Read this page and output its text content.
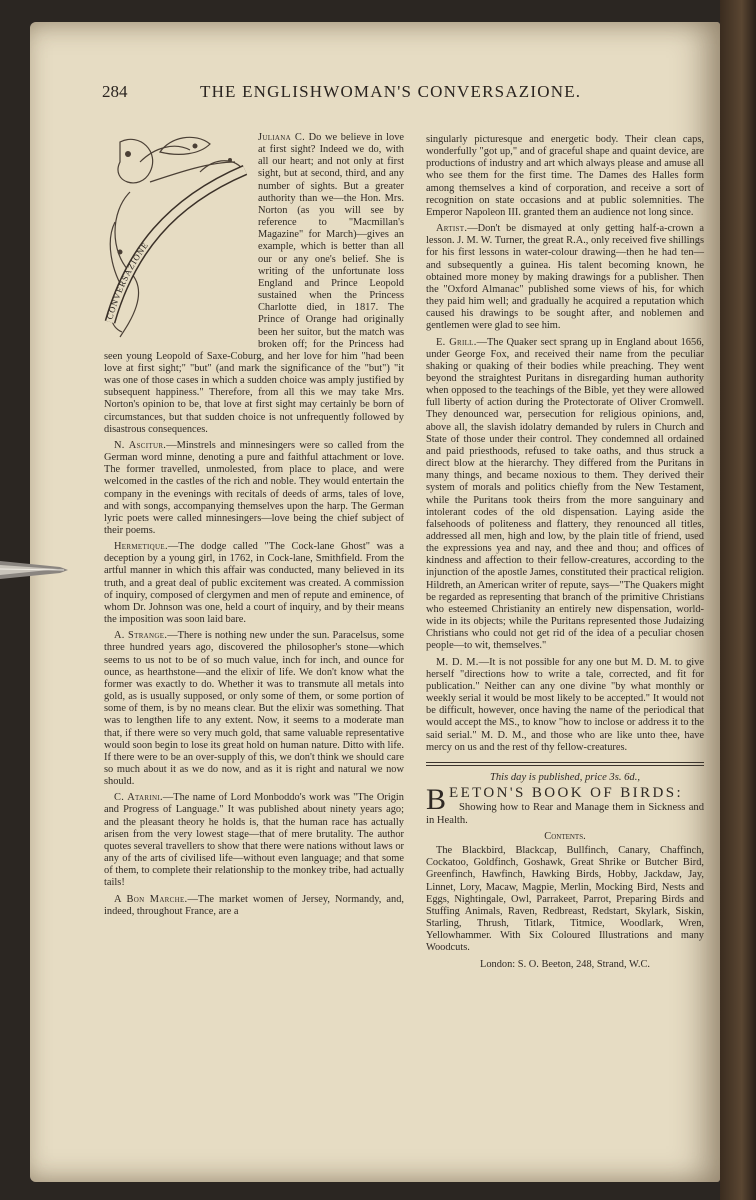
284	THE ENGLISHWOMAN'S CONVERSAZIONE.
CONVERSAZIONE

Juliana C. Do we believe in love at first sight? Indeed we do, with all our heart; and not only at first sight, but at second, third, and any number of sights. But a greater authority than we—the Hon. Mrs. Norton (as you will see by reference to "Macmillan's Magazine" for March)—gives an example, which is better than all our or any one's belief. She is writing of the unfortunate loss England and Prince Leopold sustained when the Princess Charlotte died, in 1817. The Prince of Orange had originally been her suitor, but the match was broken off; for the Princess had seen young Leopold of Saxe-Coburg, and her love for him "had been love at first sight;" "but" (and mark the significance of the "but") "it was one of those cases in which a sudden choice was amply justified by subsequent happiness." Therefore, from all this we may take Mrs. Norton's opinion to be, that love at first sight may certainly be born of circumstances, but that sudden choice is not unfrequently followed by disastrous consequences.

N. Ascitur.—Minstrels and minnesingers were so called from the German word minne, denoting a pure and faithful attachment or love. The former travelled, unmolested, from place to place, and were welcomed in the castles of the rich and noble. They would entertain the company in the evenings with recitals of deeds of arms, tales of love, and with songs, accompanying themselves upon the harp. The German lyric poets were called minnesingers—love being the chief subject of their poems.

Hermetique.—The dodge called "The Cock-lane Ghost" was a deception by a young girl, in 1762, in Cock-lane, Smithfield. From the artful manner in which this affair was conducted, many believed in its truth, and a great deal of public excitement was created. A commission of inquiry, composed of clergymen and men of repute and eminence, of whom Dr. Johnson was one, held a court of inquiry, and by their means the imposition was soon laid bare.

A. Strange.—There is nothing new under the sun. Paracelsus, some three hundred years ago, discovered the philosopher's stone—which seems to us not to be of so much value, inch for inch, and ounce for ounce, as hearthstone—and the elixir of life. We don't know what the former was exactly to do. Whether it was to transmute all metals into gold, as is usually supposed, or only some of them, or some portion of some of them, is by no means clear. But the elixir was something. That was to lengthen life to any extent. Now, it seems to a moderate man that, if there were so very much gold, that same valuable representative would soon begin to lose its great hold on human nature. Ditto with life. If there were to be an over-supply of this, we don't think we should care so much about it as we do now, and as it is right and natural we now should.

C. Atarini.—The name of Lord Monboddo's work was "The Origin and Progress of Language." It was published about ninety years ago; and the pleasant theory he holds is, that the human race has actually arisen from the very lowest stage—that of mere brutality. The author quotes several travellers to show that there were nations without laws or any of the arts of civilised life—without even language; and that some of them, to complete their relationship to the monkey tribe, had actually tails!

A Bon Marche.—The market women of Jersey, Normandy, and, indeed, throughout France, are a

singularly picturesque and energetic body. Their clean caps, wonderfully "got up," and of graceful shape and quaint device, are productions of industry and art which always please and amuse all who see them for the first time. The Dames des Halles form among themselves a kind of corporation, and receive a sort of recognition on state occasions and at public solemnities. The Emperor Napoleon III. granted them an audience not long since.

Artist.—Don't be dismayed at only getting half-a-crown a lesson. J. M. W. Turner, the great R.A., only received five shillings for his first lessons in water-colour drawing—then he had ten—and subsequently a guinea. His talent becoming known, he obtained more money by making drawings for a publisher. Then the "Oxford Almanac" published some views of his, for which they paid him well; and gradually he acquired a reputation which caused his drawings to be sought after, and noblemen and gentlemen were glad to see him.

E. Grill.—The Quaker sect sprang up in England about 1656, under George Fox, and received their name from the peculiar shaking or quaking of their bodies while preaching. They went beyond the straightest Puritans in disregarding human authority when opposed to the teachings of the Bible, yet they were allowed full liberty of action during the Protectorate of Oliver Cromwell. They denounced war, persecution for religious opinions, and, above all, the slavish idolatry demanded by rulers in Church and State of those under their control. They condemned all ordained and paid priesthoods, refused to take oaths, and thus struck a direct blow at the hierarchy. They differed from the Puritans in many things, and became noxious to them. They derived their system of morals and politics chiefly from the New Testament, while the Puritans took theirs from the more sanguinary and intolerant codes of the old dispensation. Laying aside the falsehoods of politeness and flattery, they renounced all titles, addressed all men, high and low, by the plain title of friend, used the expressions yea and nay, and thee and thou; and offices of kindness and affection to their fellow-creatures, according to the injunction of the apostle James, constituted their practical religion. Hildreth, an American writer of repute, says—"The Quakers might be regarded as representing that branch of the primitive Christians who esteemed Christianity an entirely new dispensation, world-wide in its objects; while the Puritans represented those Judaizing Christians who could not get rid of the idea of a peculiar chosen people—to wit, themselves."

M. D. M.—It is not possible for any one but M. D. M. to give herself "directions how to write a tale, corrected, and fit for publication." Neither can any one divine "by what monthly or weekly serial it would be most likely to be accepted." It would not be difficult, however, once having the name of the periodical that would accept the MS., to know "how to inclose or address it to the said serial." M. D. M., and those who are like unto thee, have mercy on us and the rest of thy fellow-creatures.

This day is published, price 3s. 6d.,
B EETON'S BOOK OF BIRDS:

Showing how to Rear and Manage them in Sickness and in Health.

Contents.

The Blackbird, Blackcap, Bullfinch, Canary, Chaffinch, Cockatoo, Goldfinch, Goshawk, Great Shrike or Butcher Bird, Greenfinch, Hawfinch, Hawking Birds, Hobby, Jackdaw, Jay, Linnet, Lory, Macaw, Magpie, Merlin, Mocking Bird, Nests and Eggs, Nightingale, Owl, Parrakeet, Parrot, Preparing Birds and Stuffing Animals, Raven, Redbreast, Redstart, Skylark, Siskin, Starling, Thrush, Titlark, Titmice, Woodlark, Wren, Yellowhammer. With Six Coloured Illustrations and many Woodcuts.

London: S. O. Beeton, 248, Strand, W.C.
